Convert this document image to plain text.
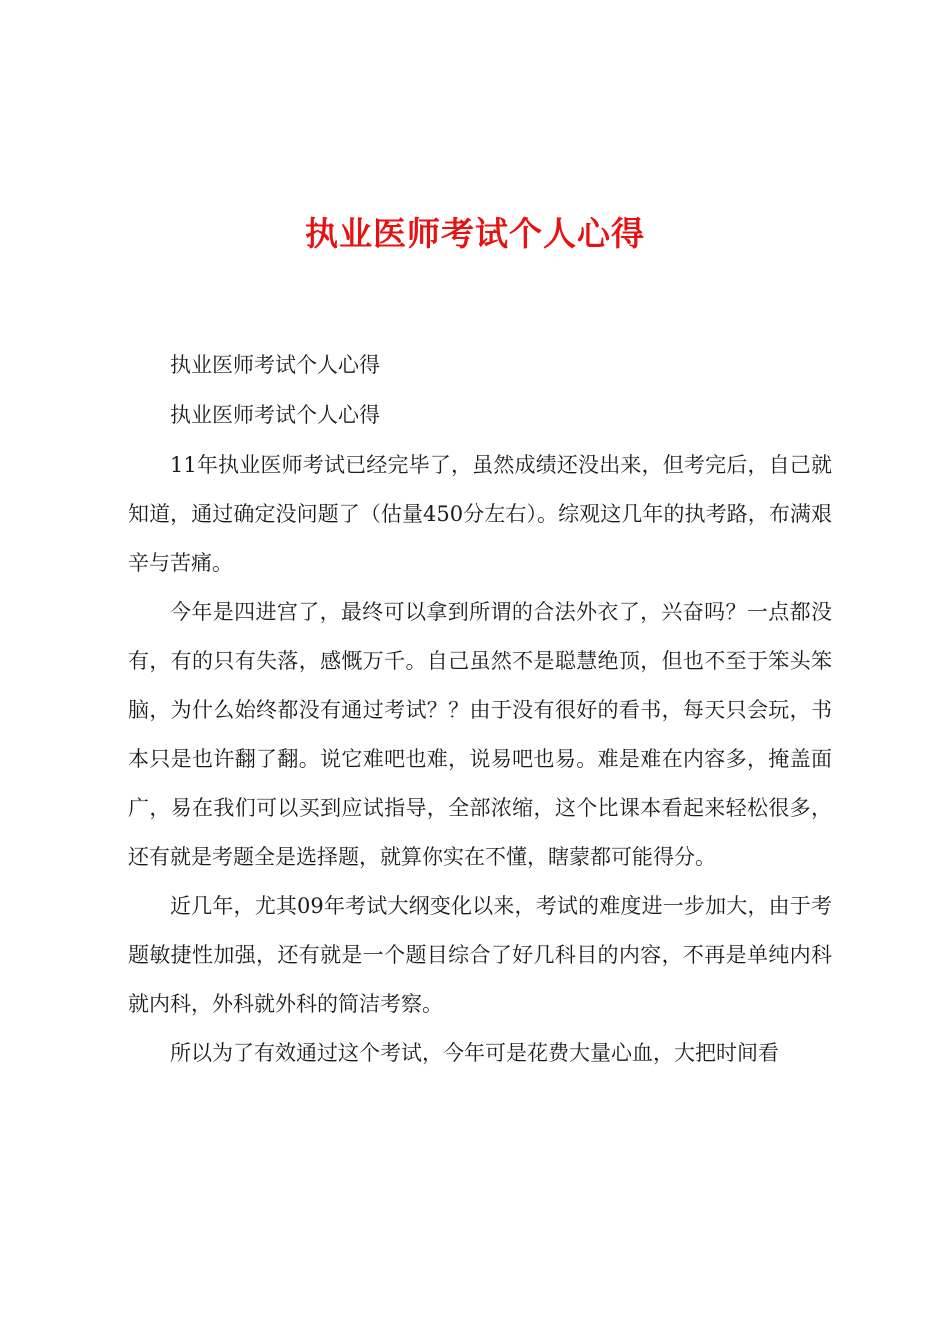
执业医师考试个人心得

执业医师考试个人心得

执业医师考试个人心得

11年执业医师考试已经完毕了，虽然成绩还没出来，但考完后，自己就知道，通过确定没问题了（估量450分左右）。综观这几年的执考路，布满艰辛与苦痛。

今年是四进宫了，最终可以拿到所谓的合法外衣了，兴奋吗？一点都没有，有的只有失落，感慨万千。自己虽然不是聪慧绝顶，但也不至于笨头笨脑，为什么始终都没有通过考试？？由于没有很好的看书，每天只会玩，书本只是也许翻了翻。说它难吧也难，说易吧也易。难是难在内容多，掩盖面广，易在我们可以买到应试指导，全部浓缩，这个比课本看起来轻松很多，还有就是考题全是选择题，就算你实在不懂，瞎蒙都可能得分。

近几年，尤其09年考试大纲变化以来，考试的难度进一步加大，由于考题敏捷性加强，还有就是一个题目综合了好几科目的内容，不再是单纯内科就内科，外科就外科的简洁考察。

所以为了有效通过这个考试，今年可是花费大量心血，大把时间看
